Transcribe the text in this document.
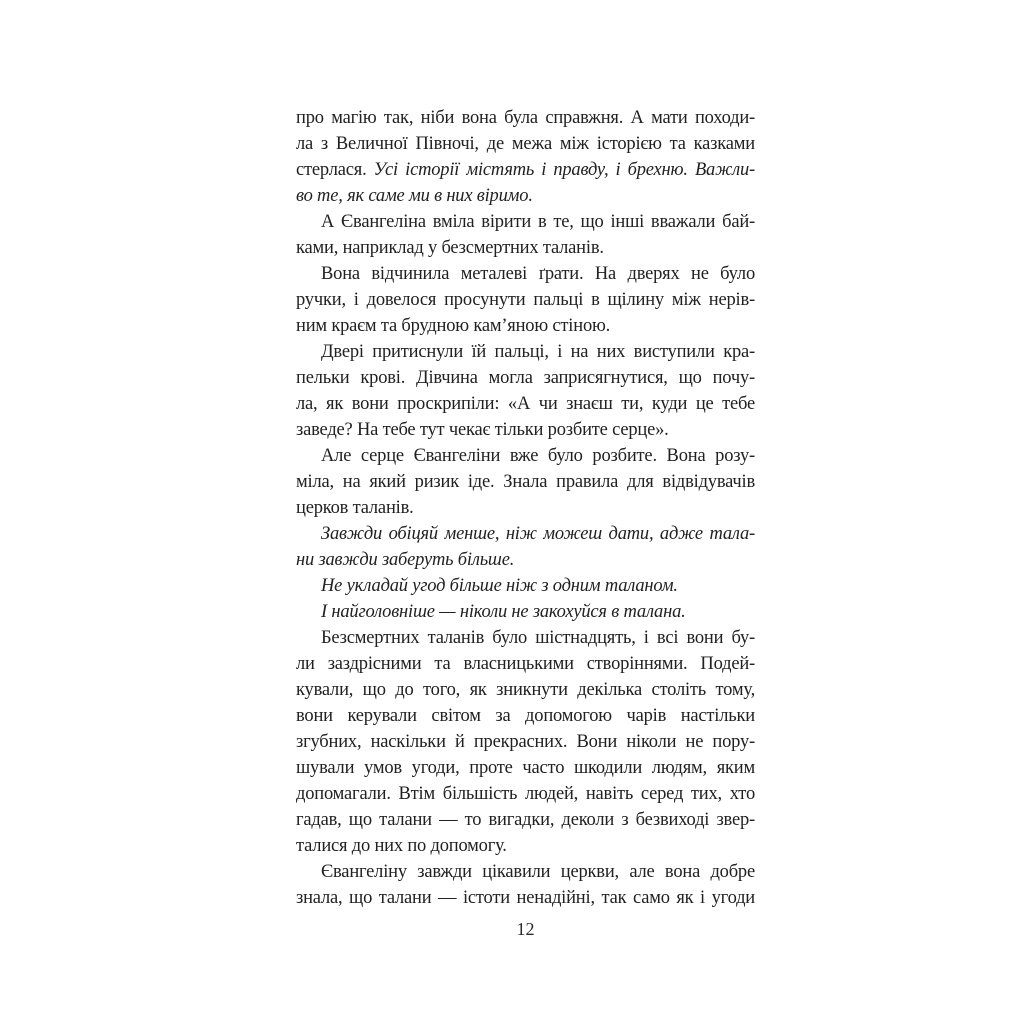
про магію так, ніби вона була справжня. А мати походи-
ла з Величної Півночі, де межа між історією та казками
стерлася. Усі історії містять і правду, і брехню. Важли-
во те, як саме ми в них віримо.
А Євангеліна вміла вірити в те, що інші вважали бай-
ками, наприклад у безсмертних таланів.
Вона відчинила металеві ґрати. На дверях не було
ручки, і довелося просунути пальці в щілину між нерів-
ним краєм та брудною кам’яною стіною.
Двері притиснули їй пальці, і на них виступили кра-
пельки крові. Дівчина могла заприсягнутися, що почу-
ла, як вони проскрипіли: «А чи знаєш ти, куди це тебе
заведе? На тебе тут чекає тільки розбите серце».
Але серце Євангеліни вже було розбите. Вона розу-
міла, на який ризик іде. Знала правила для відвідувачів
церков таланів.
Завжди обіцяй менше, ніж можеш дати, адже тала-
ни завжди заберуть більше.
Не укладай угод більше ніж з одним таланом.
І найголовніше — ніколи не закохуйся в талана.
Безсмертних таланів було шістнадцять, і всі вони бу-
ли заздрісними та власницькими створіннями. Подей-
кували, що до того, як зникнути декілька століть тому,
вони керували світом за допомогою чарів настільки
згубних, наскільки й прекрасних. Вони ніколи не пору-
шували умов угоди, проте часто шкодили людям, яким
допомагали. Втім більшість людей, навіть серед тих, хто
гадав, що талани — то вигадки, деколи з безвиході звер-
талися до них по допомогу.
Євангеліну завжди цікавили церкви, але вона добре
знала, що талани — істоти ненадійні, так само як і угоди
12
